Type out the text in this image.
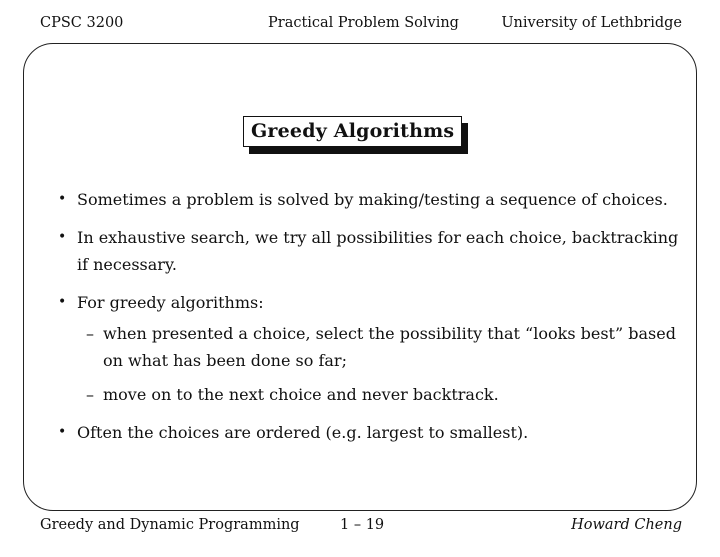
CPSC 3200	Practical Problem Solving	University of Lethbridge
Greedy Algorithms
• Sometimes a problem is solved by making/testing a sequence of choices.
• In exhaustive search, we try all possibilities for each choice, backtracking if necessary.
• For greedy algorithms:
– when presented a choice, select the possibility that “looks best” based on what has been done so far;
– move on to the next choice and never backtrack.
• Often the choices are ordered (e.g. largest to smallest).
Greedy and Dynamic Programming	1 – 19	Howard Cheng
